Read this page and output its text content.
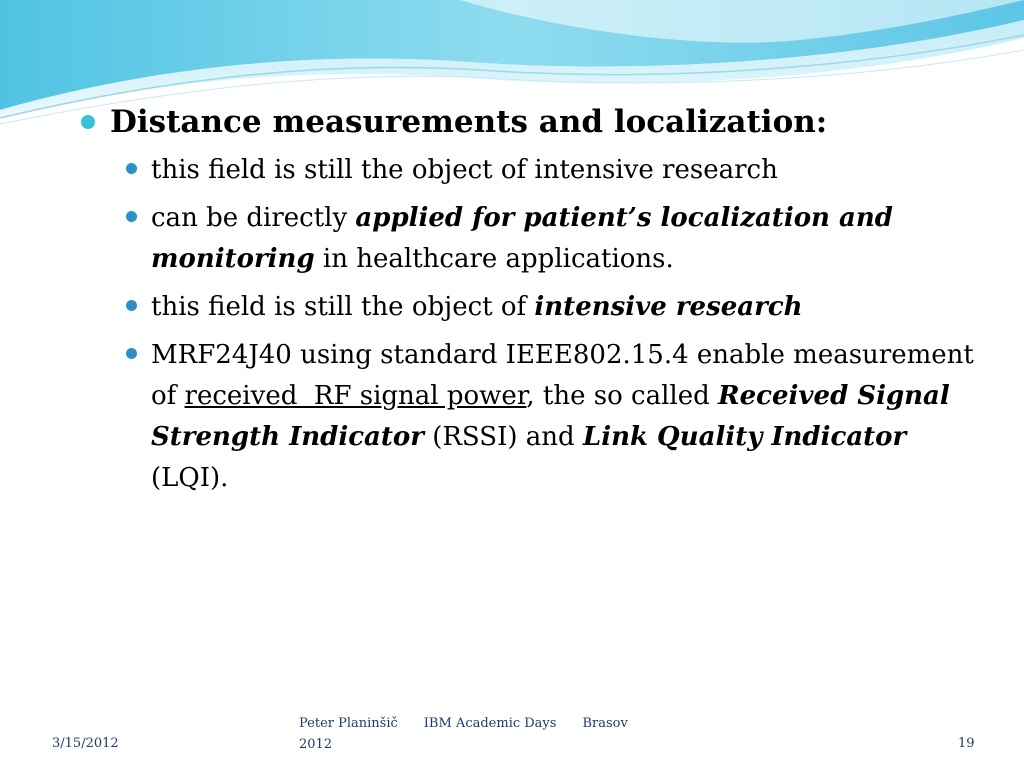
Distance measurements and localization:
this field is still the object of intensive research
can be directly applied for patient’s localization and monitoring in healthcare applications.
this field is still the object of intensive research
MRF24J40 using standard IEEE802.15.4 enable measurement of received  RF signal power, the so called Received Signal Strength Indicator (RSSI) and Link Quality Indicator (LQI).
3/15/2012
Peter Planinšič IBM Academic Days Brasov
2012	19
